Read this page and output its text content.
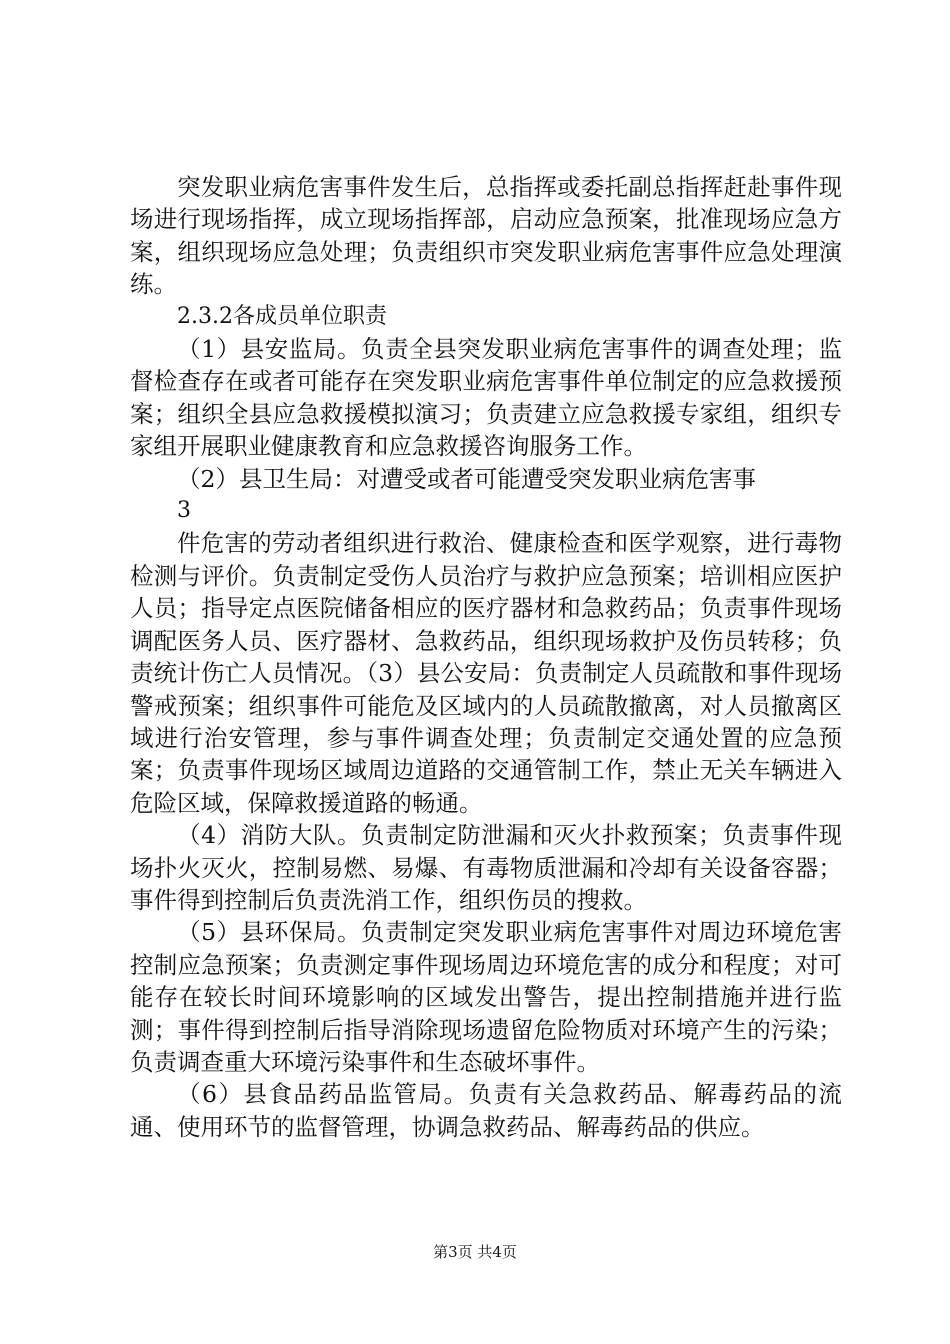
突发职业病危害事件发生后，总指挥或委托副总指挥赶赴事件现场进行现场指挥，成立现场指挥部，启动应急预案，批准现场应急方案，组织现场应急处理；负责组织市突发职业病危害事件应急处理演练。

2.3.2各成员单位职责

（1）县安监局。负责全县突发职业病危害事件的调查处理；监督检查存在或者可能存在突发职业病危害事件单位制定的应急救援预案；组织全县应急救援模拟演习；负责建立应急救援专家组，组织专家组开展职业健康教育和应急救援咨询服务工作。

（2）县卫生局：对遭受或者可能遭受突发职业病危害事

3

件危害的劳动者组织进行救治、健康检查和医学观察，进行毒物检测与评价。负责制定受伤人员治疗与救护应急预案；培训相应医护人员；指导定点医院储备相应的医疗器材和急救药品；负责事件现场调配医务人员、医疗器材、急救药品，组织现场救护及伤员转移；负责统计伤亡人员情况。（3）县公安局：负责制定人员疏散和事件现场警戒预案；组织事件可能危及区域内的人员疏散撤离，对人员撤离区域进行治安管理，参与事件调查处理；负责制定交通处置的应急预案；负责事件现场区域周边道路的交通管制工作，禁止无关车辆进入危险区域，保障救援道路的畅通。

（4）消防大队。负责制定防泄漏和灭火扑救预案；负责事件现场扑火灭火，控制易燃、易爆、有毒物质泄漏和冷却有关设备容器；事件得到控制后负责洗消工作，组织伤员的搜救。

（5）县环保局。负责制定突发职业病危害事件对周边环境危害控制应急预案；负责测定事件现场周边环境危害的成分和程度；对可能存在较长时间环境影响的区域发出警告，提出控制措施并进行监测；事件得到控制后指导消除现场遗留危险物质对环境产生的污染；负责调查重大环境污染事件和生态破坏事件。

（6）县食品药品监管局。负责有关急救药品、解毒药品的流通、使用环节的监督管理，协调急救药品、解毒药品的供应。

第3页 共4页
